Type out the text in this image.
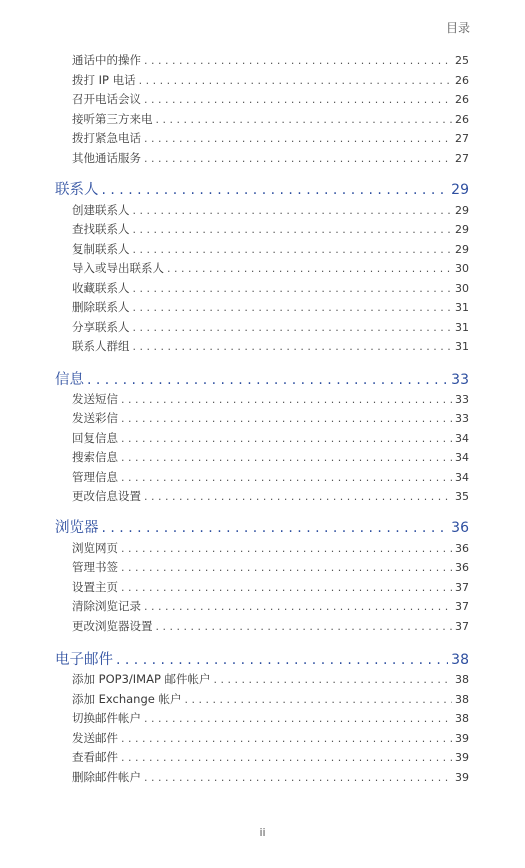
目录
通话中的操作 . . .	25
拨打 IP 电话 . . .	26
召开电话会议 . . .	26
接听第三方来电 . . .	26
拨打紧急电话 . . .	27
其他通话服务 . . .	27
联系人 . . .	29
创建联系人 . . .	29
查找联系人 . . .	29
复制联系人 . . .	29
导入或导出联系人 . . .	30
收藏联系人 . . .	30
删除联系人 . . .	31
分享联系人 . . .	31
联系人群组 . . .	31
信息 . . .	33
发送短信 . . .	33
发送彩信 . . .	33
回复信息 . . .	34
搜索信息 . . .	34
管理信息 . . .	34
更改信息设置 . . .	35
浏览器 . . .	36
浏览网页 . . .	36
管理书签 . . .	36
设置主页 . . .	37
清除浏览记录 . . .	37
更改浏览器设置 . . .	37
电子邮件 . . .	38
添加 POP3/IMAP 邮件帐户 . . .	38
添加 Exchange 帐户 . . .	38
切换邮件帐户 . . .	38
发送邮件 . . .	39
查看邮件 . . .	39
删除邮件帐户 . . .	39
ii
